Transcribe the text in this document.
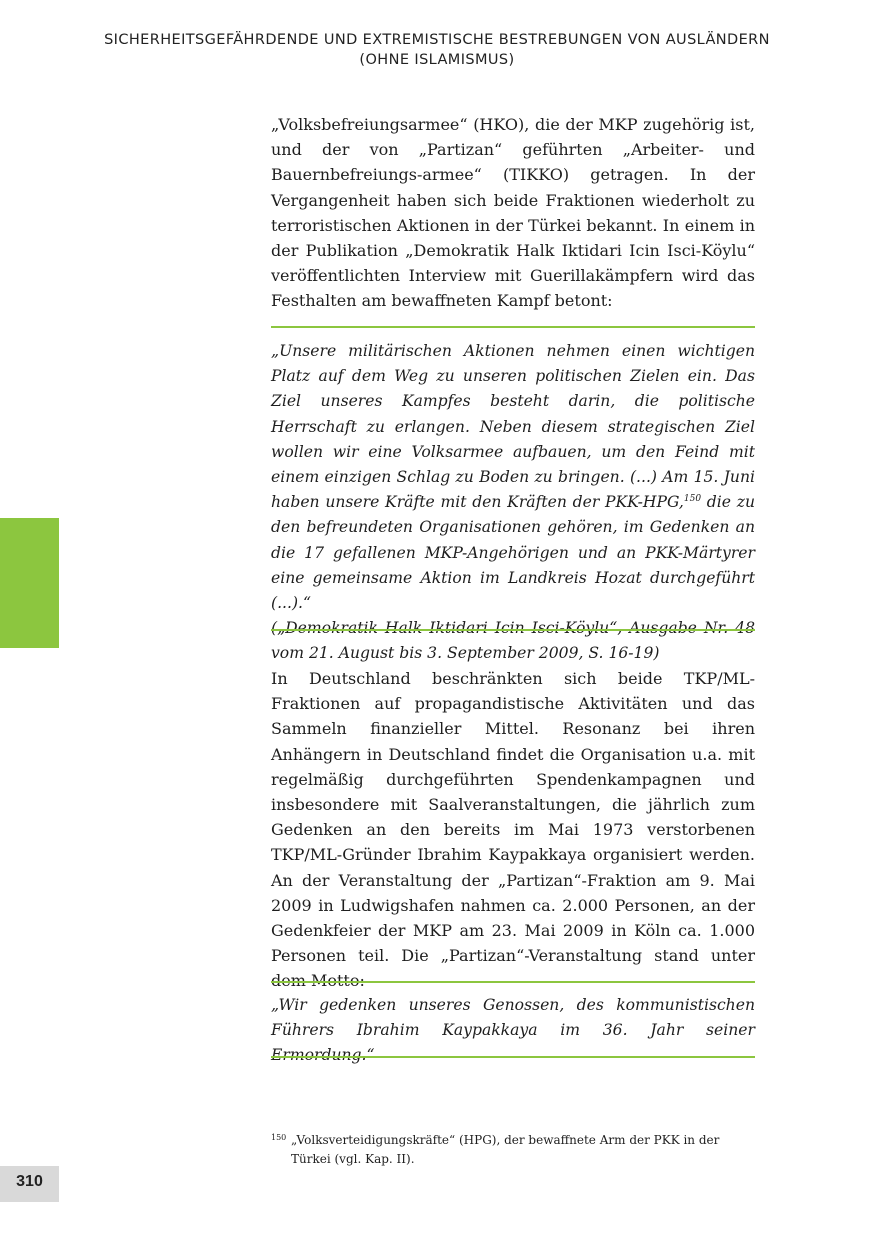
SICHERHEITSGEFÄHRDENDE UND EXTREMISTISCHE BESTREBUNGEN VON AUSLÄNDERN
(OHNE ISLAMISMUS)

„Volksbefreiungsarmee“ (HKO), die der MKP zugehörig ist, und der von „Partizan“ geführten „Arbeiter- und Bauernbefreiungs-armee“ (TIKKO) getragen. In der Vergangenheit haben sich beide Fraktionen wiederholt zu terroristischen Aktionen in der Türkei bekannt. In einem in der Publikation „Demokratik Halk Iktidari Icin Isci-Köylu“ veröffentlichten Interview mit Guerillakämpfern wird das Festhalten am bewaffneten Kampf betont:

„Unsere militärischen Aktionen nehmen einen wichtigen Platz auf dem Weg zu unseren politischen Zielen ein. Das Ziel unseres Kampfes besteht darin, die politische Herrschaft zu erlangen. Neben diesem strategischen Ziel wollen wir eine Volksarmee aufbauen, um den Feind mit einem einzigen Schlag zu Boden zu bringen. (...) Am 15. Juni haben unsere Kräfte mit den Kräften der PKK-HPG,$^{150}$ die zu den befreundeten Organisationen gehören, im Gedenken an die 17 gefallenen MKP-Angehörigen und an PKK-Märtyrer eine gemeinsame Aktion im Landkreis Hozat durchgeführt (...).“

(„Demokratik Halk Iktidari Icin Isci-Köylu“, Ausgabe Nr. 48 vom 21. August bis 3. September 2009, S. 16-19)

In Deutschland beschränkten sich beide TKP/ML-Fraktionen auf propagandistische Aktivitäten und das Sammeln finanzieller Mittel. Resonanz bei ihren Anhängern in Deutschland findet die Organisation u.a. mit regelmäßig durchgeführten Spendenkampagnen und insbesondere mit Saalveranstaltungen, die jährlich zum Gedenken an den bereits im Mai 1973 verstorbenen TKP/ML-Gründer Ibrahim Kaypakkaya organisiert werden. An der Veranstaltung der „Partizan“-Fraktion am 9. Mai 2009 in Ludwigshafen nahmen ca. 2.000 Personen, an der Gedenkfeier der MKP am 23. Mai 2009 in Köln ca. 1.000 Personen teil. Die „Partizan“-Veranstaltung stand unter dem Motto:

„Wir gedenken unseres Genossen, des kommunistischen Führers Ibrahim Kaypakkaya im 36. Jahr seiner Ermordung.“

150 „Volksverteidigungskräfte“ (HPG), der bewaffnete Arm der PKK in der Türkei (vgl. Kap. II).
310
